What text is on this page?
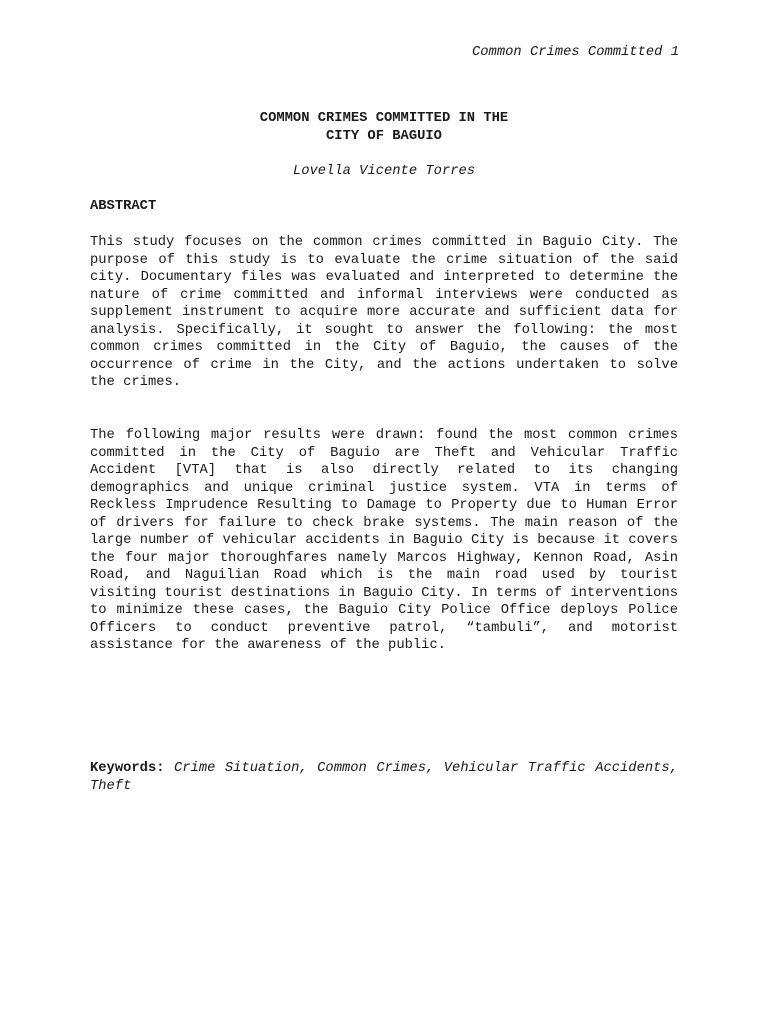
Common Crimes Committed 1
COMMON CRIMES COMMITTED IN THE
CITY OF BAGUIO
Lovella Vicente Torres
ABSTRACT

This study focuses on the common crimes committed in Baguio City. The purpose of this study is to evaluate the crime situation of the said city. Documentary files was evaluated and interpreted to determine the nature of crime committed and informal interviews were conducted as supplement instrument to acquire more accurate and sufficient data for analysis. Specifically, it sought to answer the following: the most common crimes committed in the City of Baguio, the causes of the occurrence of crime in the City, and the actions undertaken to solve the crimes.

The following major results were drawn: found the most common crimes committed in the City of Baguio are Theft and Vehicular Traffic Accident [VTA] that is also directly related to its changing demographics and unique criminal justice system. VTA in terms of Reckless Imprudence Resulting to Damage to Property due to Human Error of drivers for failure to check brake systems. The main reason of the large number of vehicular accidents in Baguio City is because it covers the four major thoroughfares namely Marcos Highway, Kennon Road, Asin Road, and Naguilian Road which is the main road used by tourist visiting tourist destinations in Baguio City. In terms of interventions to minimize these cases, the Baguio City Police Office deploys Police Officers to conduct preventive patrol, “tambuli”, and motorist assistance for the awareness of the public.

Keywords: Crime Situation, Common Crimes, Vehicular Traffic Accidents, Theft
